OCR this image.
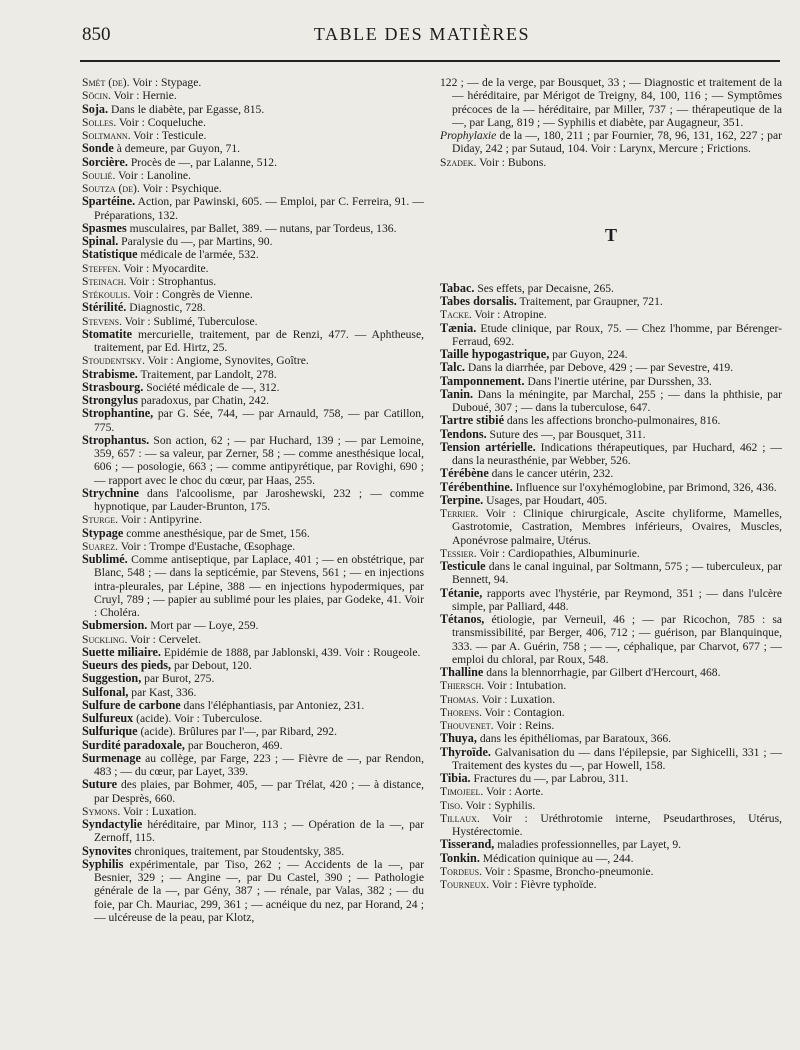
850	TABLE DES MATIÈRES

Smét (de). Voir : Stypage.

Söcin. Voir : Hernie.

Soja. Dans le diabète, par Egasse, 815.

Solles. Voir : Coqueluche.

Soltmann. Voir : Testicule.

Sonde à demeure, par Guyon, 71.

Sorcière. Procès de —, par Lalanne, 512.

Soulié. Voir : Lanoline.

Soutza (de). Voir : Psychique.

Spartéine. Action, par Pawinski, 605. — Emploi, par C. Ferreira, 91. — Préparations, 132.

Spasmes musculaires, par Ballet, 389. — nutans, par Tordeus, 136.

Spinal. Paralysie du —, par Martins, 90.

Statistique médicale de l'armée, 532.

Steffen. Voir : Myocardite.

Steinach. Voir : Strophantus.

Stékoulis. Voir : Congrès de Vienne.

Stérilité. Diagnostic, 728.

Stevens. Voir : Sublimé, Tuberculose.

Stomatite mercurielle, traitement, par de Renzi, 477. — Aphtheuse, traitement, par Ed. Hirtz, 25.

Stoudentsky. Voir : Angiome, Synovites, Goître.

Strabisme. Traitement, par Landolt, 278.

Strasbourg. Société médicale de —, 312.

Strongylus paradoxus, par Chatin, 242.

Strophantine, par G. Sée, 744, — par Arnauld, 758, — par Catillon, 775.

Strophantus. Son action, 62 ; — par Huchard, 139 ; — par Lemoine, 359, 657 : — sa valeur, par Zerner, 58 ; — comme anesthésique local, 606 ; — posologie, 663 ; — comme antipyrétique, par Rovighi, 690 ; — rapport avec le choc du cœur, par Haas, 255.

Strychnine dans l'alcoolisme, par Jaroshewski, 232 ; — comme hypnotique, par Lauder-Brunton, 175.

Sturge. Voir : Antipyrine.

Stypage comme anesthésique, par de Smet, 156.

Suarez. Voir : Trompe d'Eustache, Œsophage.

Sublimé. Comme antiseptique, par Laplace, 401 ; — en obstétrique, par Blanc, 548 ; — dans la septicémie, par Stevens, 561 ; — en injections intra-pleurales, par Lépine, 388 — en injections hypodermiques, par Cruyl, 789 ; — papier au sublimé pour les plaies, par Godeke, 41. Voir : Choléra.

Submersion. Mort par — Loye, 259.

Suckling. Voir : Cervelet.

Suette miliaire. Epidémie de 1888, par Jablonski, 439. Voir : Rougeole.

Sueurs des pieds, par Debout, 120.

Suggestion, par Burot, 275.

Sulfonal, par Kast, 336.

Sulfure de carbone dans l'éléphantiasis, par Antoniez, 231.

Sulfureux (acide). Voir : Tuberculose.

Sulfurique (acide). Brûlures par l'—, par Ribard, 292.

Surdité paradoxale, par Boucheron, 469.

Surmenage au collège, par Farge, 223 ; — Fièvre de —, par Rendon, 483 ; — du cœur, par Layet, 339.

Suture des plaies, par Bohmer, 405, — par Trélat, 420 ; — à distance, par Desprès, 660.

Symons. Voir : Luxation.

Syndactylie héréditaire, par Minor, 113 ; — Opération de la —, par Zernoff, 115.

Synovites chroniques, traitement, par Stoudentsky, 385.

Syphilis expérimentale, par Tiso, 262 ; — Accidents de la —, par Besnier, 329 ; — Angine —, par Du Castel, 390 ; — Pathologie générale de la —, par Gény, 387 ; — rénale, par Valas, 382 ; — du foie, par Ch. Mauriac, 299, 361 ; — acnéique du nez, par Horand, 24 ; — ulcéreuse de la peau, par Klotz,

122 ; — de la verge, par Bousquet, 33 ; — Diagnostic et traitement de la — héréditaire, par Mérigot de Treigny, 84, 100, 116 ; — Symptômes précoces de la — héréditaire, par Miller, 737 ; — thérapeutique de la —, par Lang, 819 ; — Syphilis et diabète, par Augagneur, 351.

Prophylaxie de la —, 180, 211 ; par Fournier, 78, 96, 131, 162, 227 ; par Diday, 242 ; par Sutaud, 104. Voir : Larynx, Mercure ; Frictions.

Szadek. Voir : Bubons.

T

Tabac. Ses effets, par Decaisne, 265.

Tabes dorsalis. Traitement, par Graupner, 721.

Tacke. Voir : Atropine.

Tænia. Etude clinique, par Roux, 75. — Chez l'homme, par Bérenger-Ferraud, 692.

Taille hypogastrique, par Guyon, 224.

Talc. Dans la diarrhée, par Debove, 429 ; — par Sevestre, 419.

Tamponnement. Dans l'inertie utérine, par Dursshen, 33.

Tanin. Dans la méningite, par Marchal, 255 ; — dans la phthisie, par Duboué, 307 ; — dans la tuberculose, 647.

Tartre stibié dans les affections broncho-pulmonaires, 816.

Tendons. Suture des —, par Bousquet, 311.

Tension artérielle. Indications thérapeutiques, par Huchard, 462 ; — dans la neurasthénie, par Webber, 526.

Térébène dans le cancer utérin, 232.

Térébenthine. Influence sur l'oxyhémoglobine, par Brimond, 326, 436.

Terpine. Usages, par Houdart, 405.

Terrier. Voir : Clinique chirurgicale, Ascite chyliforme, Mamelles, Gastrotomie, Castration, Membres inférieurs, Ovaires, Muscles, Aponévrose palmaire, Utérus.

Tessier. Voir : Cardiopathies, Albuminurie.

Testicule dans le canal inguinal, par Soltmann, 575 ; — tuberculeux, par Bennett, 94.

Tétanie, rapports avec l'hystérie, par Reymond, 351 ; — dans l'ulcère simple, par Palliard, 448.

Tétanos, étiologie, par Verneuil, 46 ; — par Ricochon, 785 : sa transmissibilité, par Berger, 406, 712 ; — guérison, par Blanquinque, 333. — par A. Guérin, 758 ; — —, céphalique, par Charvot, 677 ; — emploi du chloral, par Roux, 548.

Thalline dans la blennorrhagie, par Gilbert d'Hercourt, 468.

Thiersch. Voir : Intubation.

Thomas. Voir : Luxation.

Thorens. Voir : Contagion.

Thouvenet. Voir : Reins.

Thuya, dans les épithéliomas, par Baratoux, 366.

Thyroïde. Galvanisation du — dans l'épilepsie, par Sighicelli, 331 ; — Traitement des kystes du —, par Howell, 158.

Tibia. Fractures du —, par Labrou, 311.

Timojeel. Voir : Aorte.

Tiso. Voir : Syphilis.

Tillaux. Voir : Uréthrotomie interne, Pseudarthroses, Utérus, Hystérectomie.

Tisserand, maladies professionnelles, par Layet, 9.

Tonkin. Médication quinique au —, 244.

Tordeus. Voir : Spasme, Broncho-pneumonie.

Tourneux. Voir : Fièvre typhoïde.
